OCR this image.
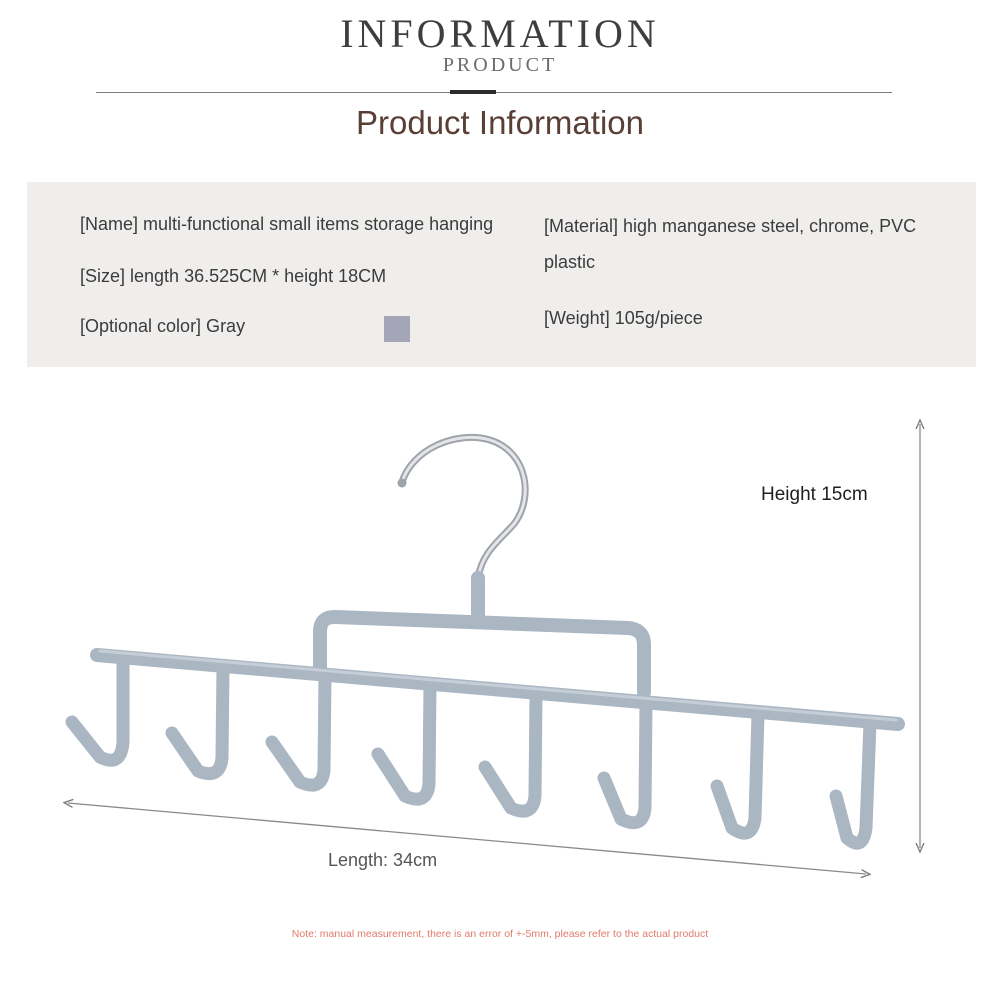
INFORMATION
PRODUCT
Product Information
[Name] multi-functional small items storage hanging
[Size] length 36.525CM * height 18CM
[Optional color] Gray
[Material] high manganese steel, chrome, PVC
plastic
[Weight] 105g/piece
Height 15cm
Length: 34cm
Note: manual measurement, there is an error of +-5mm, please refer to the actual product
